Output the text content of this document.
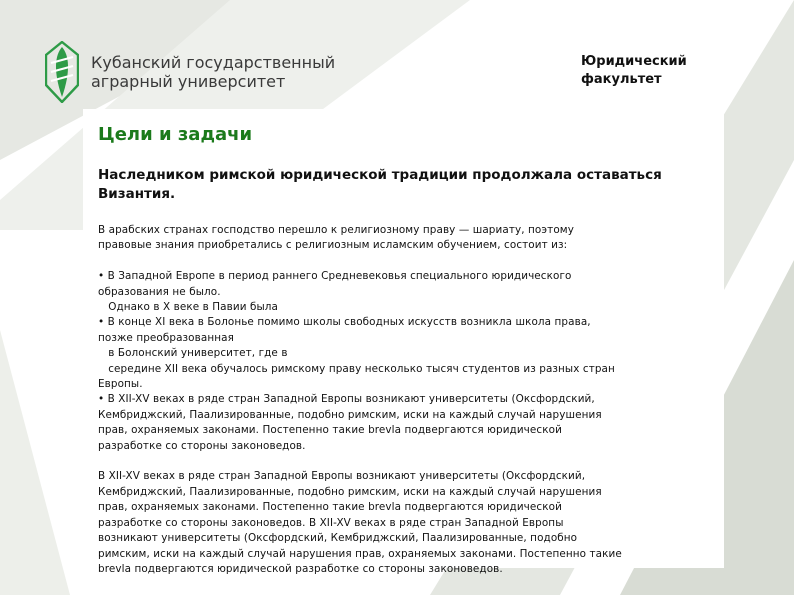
Кубанский государственный
аграрный университет
Юридический
факультет
Цели и задачи
Наследником римской юридической традиции продолжала оставаться Византия.
В арабских странах господство перешло к религиозному праву — шариату, поэтому
правовые знания приобретались с религиозным исламским обучением, состоит из:
• В Западной Европе в период раннего Средневековья специального юридического
образования не было.
Однако в X веке в Павии была
• В конце XI века в Болонье помимо школы свободных искусств возникла школа права,
позже преобразованная
в Болонский университет, где в
середине XII века обучалось римскому праву несколько тысяч студентов из разных стран
Европы.
• В XII-XV веках в ряде стран Западной Европы возникают университеты (Оксфордский,
Кембриджский, Паализированные, подобно римским, иски на каждый случай нарушения
прав, охраняемых законами. Постепенно такие brevla подвергаются юридической
разработке со стороны законоведов.
В XII-XV веках в ряде стран Западной Европы возникают университеты (Оксфордский,
Кембриджский, Паализированные, подобно римским, иски на каждый случай нарушения
прав, охраняемых законами. Постепенно такие brevla подвергаются юридической
разработке со стороны законоведов. В XII-XV веках в ряде стран Западной Европы
возникают университеты (Оксфордский, Кембриджский, Паализированные, подобно
римским, иски на каждый случай нарушения прав, охраняемых законами. Постепенно такие
brevla подвергаются юридической разработке со стороны законоведов.
